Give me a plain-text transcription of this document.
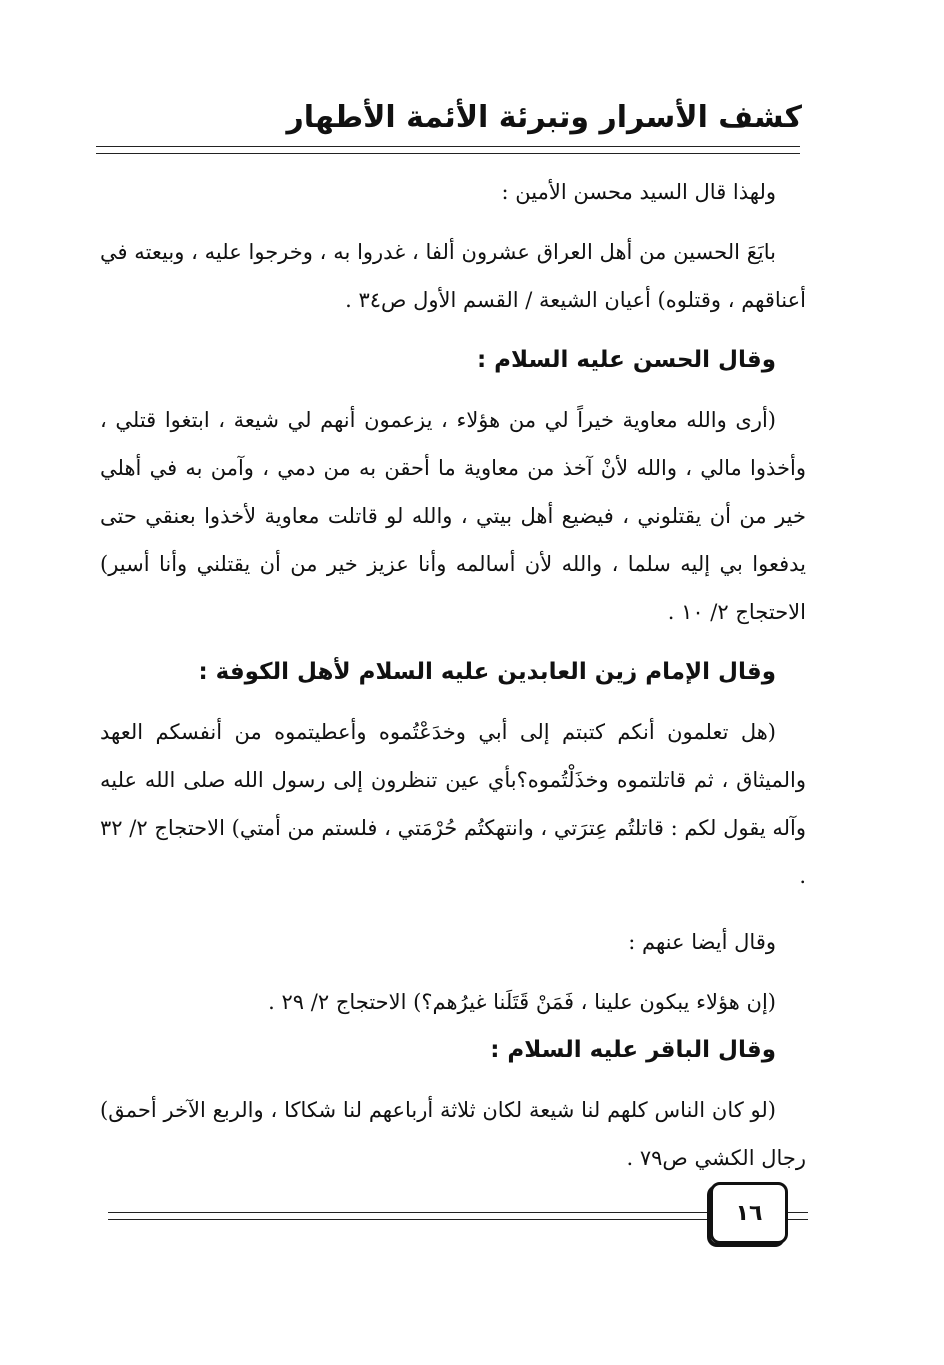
كشف الأسرار وتبرئة الأئمة الأطهار

ولهذا قال السيد محسن الأمين :

بايَعَ الحسين من أهل العراق عشرون ألفا ، غدروا به ، وخرجوا عليه ، وبيعته في أعناقهم ، وقتلوه) أعيان الشيعة / القسم الأول ص٣٤ .

وقال الحسن عليه السلام :

(أرى والله معاوية خيراً لي من هؤلاء ، يزعمون أنهم لي شيعة ، ابتغوا قتلي ، وأخذوا مالي ، والله لأنْ آخذ من معاوية ما أحقن به من دمي ، وآمن به في أهلي خير من أن يقتلوني ، فيضيع أهل بيتي ، والله لو قاتلت معاوية لأخذوا بعنقي حتى يدفعوا بي إليه سلما ، والله لأن أسالمه وأنا عزيز خير من أن يقتلني وأنا أسير) الاحتجاج ٢/ ١٠ .

وقال الإمام زين العابدين عليه السلام لأهل الكوفة :

(هل تعلمون أنكم كتبتم إلى أبي وخدَعْتُموه وأعطيتموه من أنفسكم العهد والميثاق ، ثم قاتلتموه وخذَلْتُموه؟بأي عين تنظرون إلى رسول الله صلى الله عليه وآله يقول لكم : قاتلتُم عِترَتي ، وانتهكتُم حُرْمَتي ، فلستم من أمتي) الاحتجاج ٢/ ٣٢ .

وقال أيضا عنهم :

(إن هؤلاء يبكون علينا ، فَمَنْ قَتَلَنا غيرُهم؟) الاحتجاج ٢/ ٢٩ .

وقال الباقر عليه السلام :

(لو كان الناس كلهم لنا شيعة لكان ثلاثة أرباعهم لنا شكاكا ، والربع الآخر أحمق) رجال الكشي ص٧٩ .

١٦
